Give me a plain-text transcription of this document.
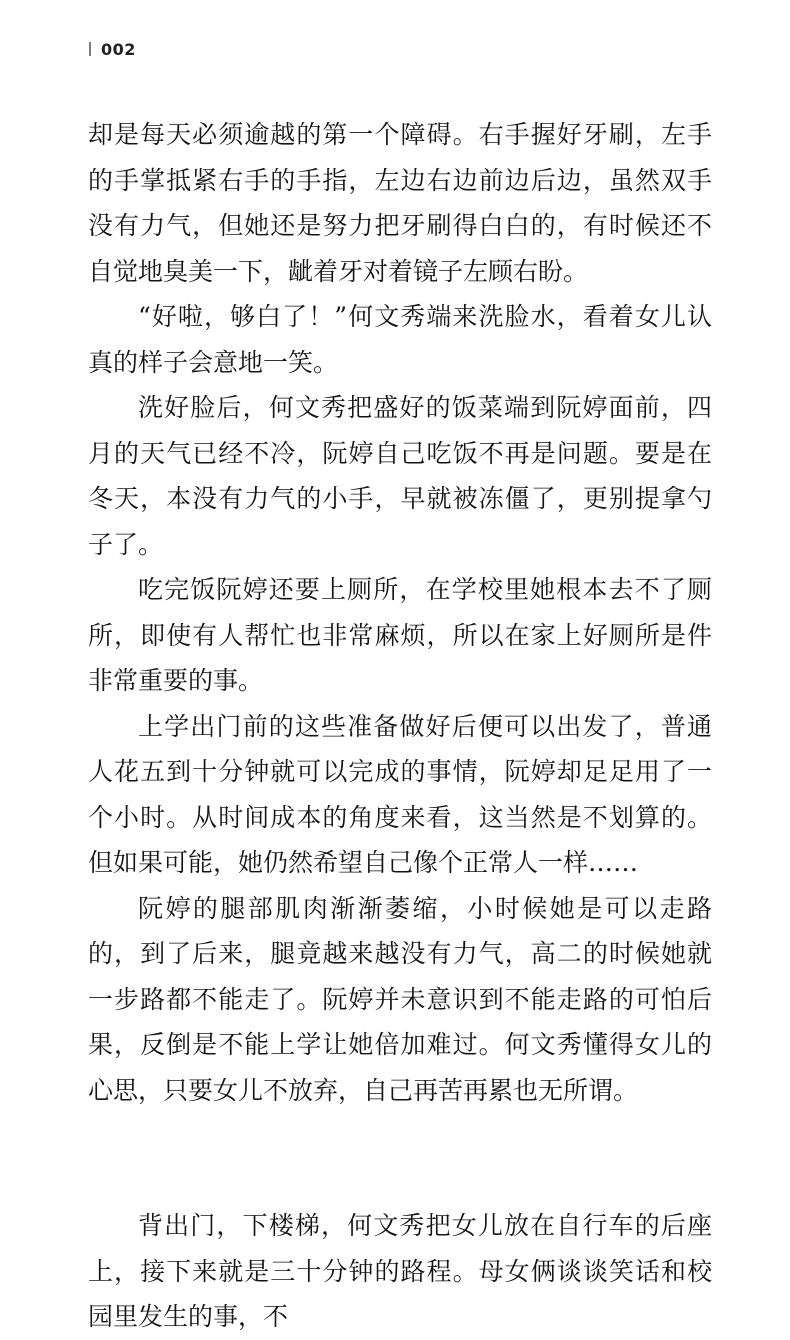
002

却是每天必须逾越的第一个障碍。右手握好牙刷，左手的手掌抵紧右手的手指，左边右边前边后边，虽然双手没有力气，但她还是努力把牙刷得白白的，有时候还不自觉地臭美一下，龇着牙对着镜子左顾右盼。

“好啦，够白了！”何文秀端来洗脸水，看着女儿认真的样子会意地一笑。

洗好脸后，何文秀把盛好的饭菜端到阮婷面前，四月的天气已经不冷，阮婷自己吃饭不再是问题。要是在冬天，本没有力气的小手，早就被冻僵了，更别提拿勺子了。

吃完饭阮婷还要上厕所，在学校里她根本去不了厕所，即使有人帮忙也非常麻烦，所以在家上好厕所是件非常重要的事。

上学出门前的这些准备做好后便可以出发了，普通人花五到十分钟就可以完成的事情，阮婷却足足用了一个小时。从时间成本的角度来看，这当然是不划算的。但如果可能，她仍然希望自己像个正常人一样……

阮婷的腿部肌肉渐渐萎缩，小时候她是可以走路的，到了后来，腿竟越来越没有力气，高二的时候她就一步路都不能走了。阮婷并未意识到不能走路的可怕后果，反倒是不能上学让她倍加难过。何文秀懂得女儿的心思，只要女儿不放弃，自己再苦再累也无所谓。

背出门，下楼梯，何文秀把女儿放在自行车的后座上，接下来就是三十分钟的路程。母女俩谈谈笑话和校园里发生的事，不
